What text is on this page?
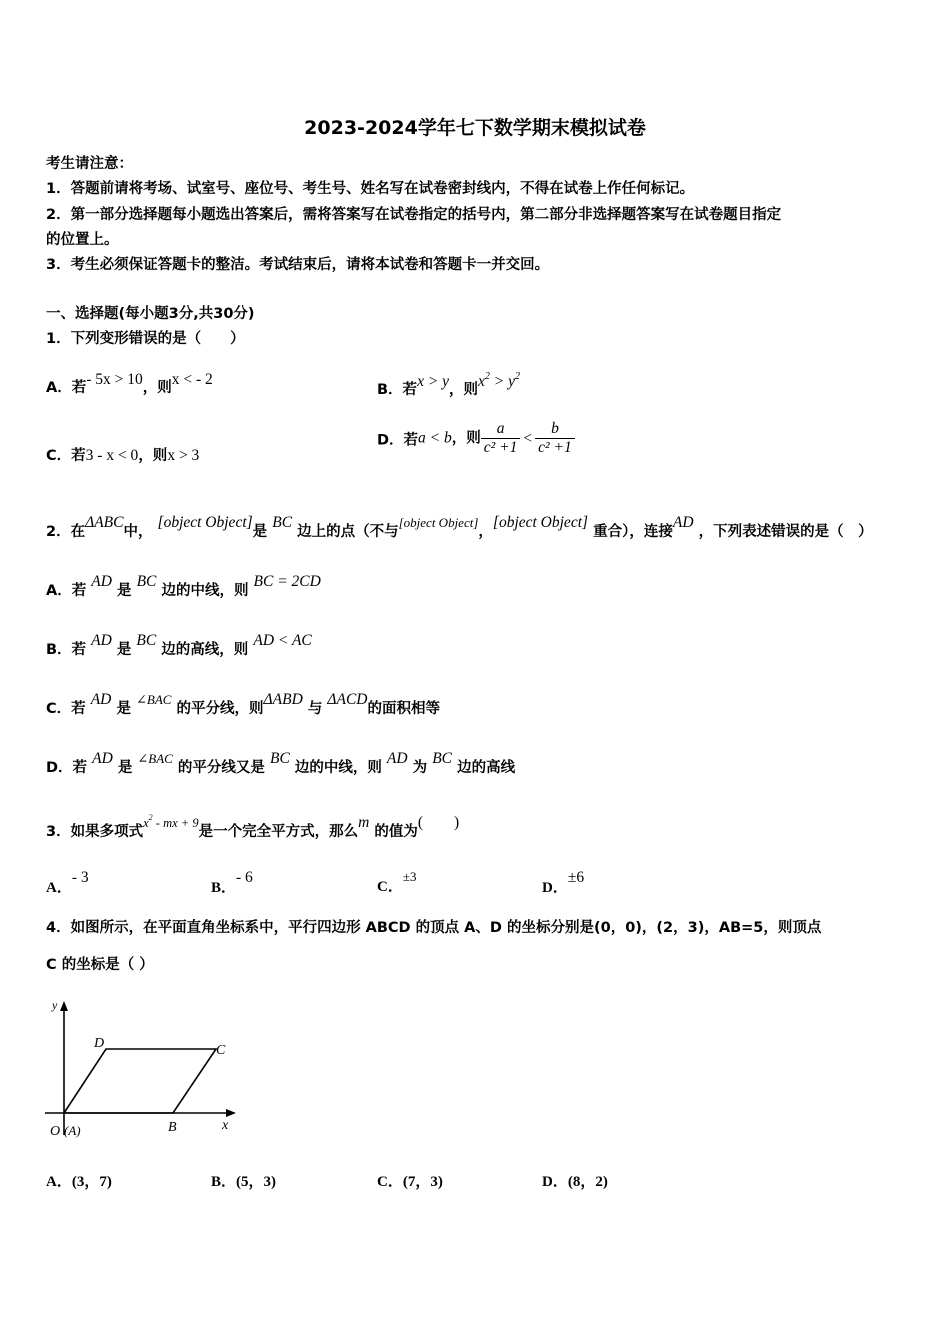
2023-2024学年七下数学期末模拟试卷
考生请注意：
1．答题前请将考场、试室号、座位号、考生号、姓名写在试卷密封线内，不得在试卷上作任何标记。
2．第一部分选择题每小题选出答案后，需将答案写在试卷指定的括号内，第二部分非选择题答案写在试卷题目指定
的位置上。
3．考生必须保证答题卡的整洁。考试结束后，请将本试卷和答题卡一并交回。
一、选择题(每小题3分,共30分)
1．下列变形错误的是（　　）
A．若- 5x > 10，则x < - 2
B．若x > y，则$x^2 > y^2$
C．若3 - x < 0，则x > 3
D．若a < b，则 $\frac{a}{\text{c² +1}} < \frac{b}{\text{c² +1}}$
2．在ΔABC中， [object Object]是 BC 边上的点（不与[object Object]，[object Object] 重合），连接AD ，下列表述错误的是（　）
A．若 AD 是 BC 边的中线，则 BC = 2CD
B．若 AD 是 BC 边的高线，则 AD < AC
C．若 AD 是 ∠BAC 的平分线，则ΔABD 与 ΔACD的面积相等
D．若 AD 是 ∠BAC 的平分线又是 BC 边的中线，则 AD 为 BC 边的高线
3．如果多项式$x^2$ - mx + 9是一个完全平方式，那么m 的值为(　　)
A．- 3
B．- 6
C．±3
D．±6
4．如图所示，在平面直角坐标系中，平行四边形 ABCD 的顶点 A、D 的坐标分别是(0，0)，(2，3)，AB=5，则顶点
C 的坐标是（ ）
y
x
D	C
O (A)	B
A．(3，7)	B．(5，3)	C．(7，3)	D．(8，2)
